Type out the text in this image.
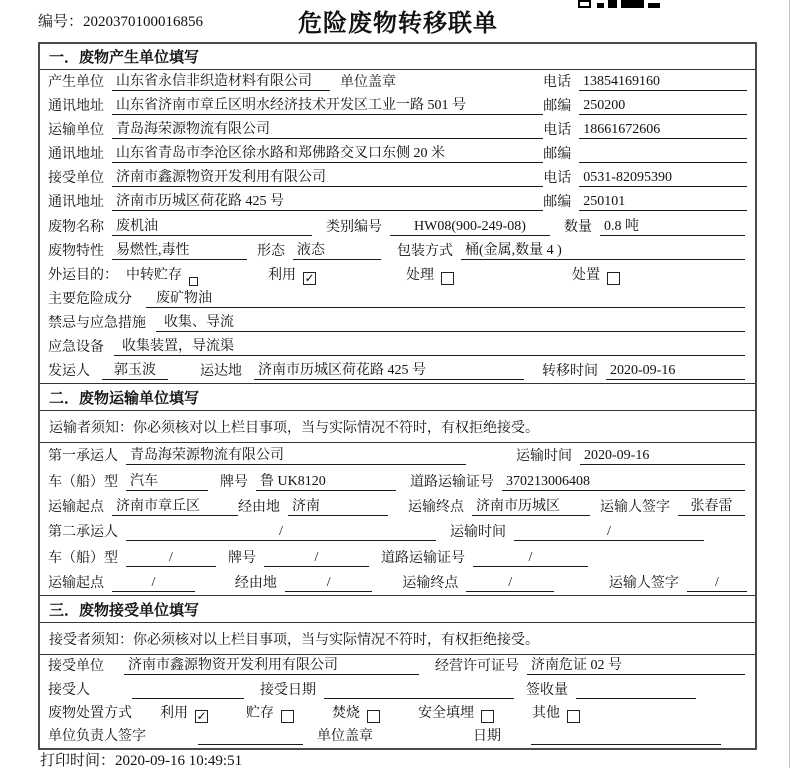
编号：2020370100016856	危险废物转移联单
一．废物产生单位填写
产生单位 山东省永信非织造材料有限公司	单位盖章	电话 13854169160
通讯地址 山东省济南市章丘区明水经济技术开发区工业一路 501 号	邮编 250200
运输单位 青岛海荣源物流有限公司	电话 18661672606
通讯地址 山东省青岛市李沧区徐水路和郑佛路交叉口东侧 20 米	邮编
接受单位 济南市鑫源物资开发利用有限公司	电话 0531-82095390
通讯地址 济南市历城区荷花路 425 号	邮编 250101
废物名称 废机油	类别编号	HW08(900-249-08)	数量 0.8 吨
废物特性 易燃性,毒性	形态 液态	包装方式 桶(金属,数量 4 )
外运目的： 中转贮存	利用 ✓	处理	处置
主要危险成分	废矿物油
禁忌与应急措施	收集、导流
应急设备	收集装置，导流渠
发运人	郭玉波	运达地 济南市历城区荷花路 425 号	转移时间 2020-09-16
二．废物运输单位填写
运输者须知：你必须核对以上栏目事项，当与实际情况不符时，有权拒绝接受。
第一承运人 青岛海荣源物流有限公司	运输时间 2020-09-16
车（船）型 汽车	牌号 鲁 UK8120	道路运输证号 370213006408
运输起点 济南市章丘区	经由地 济南	运输终点 济南市历城区	运输人签字	张春雷
第二承运人	/	运输时间	/
车（船）型	/	牌号	/	道路运输证号	/
运输起点	/	经由地	/	运输终点	/	运输人签字	/
三．废物接受单位填写
接受者须知：你必须核对以上栏目事项，当与实际情况不符时，有权拒绝接受。
接受单位 济南市鑫源物资开发利用有限公司	经营许可证号 济南危证 02 号
接受人	接受日期	签收量
废物处置方式 利用 ✓	贮存	焚烧	安全填埋	其他
单位负责人签字	单位盖章	日期
打印时间：2020-09-16 10:49:51
